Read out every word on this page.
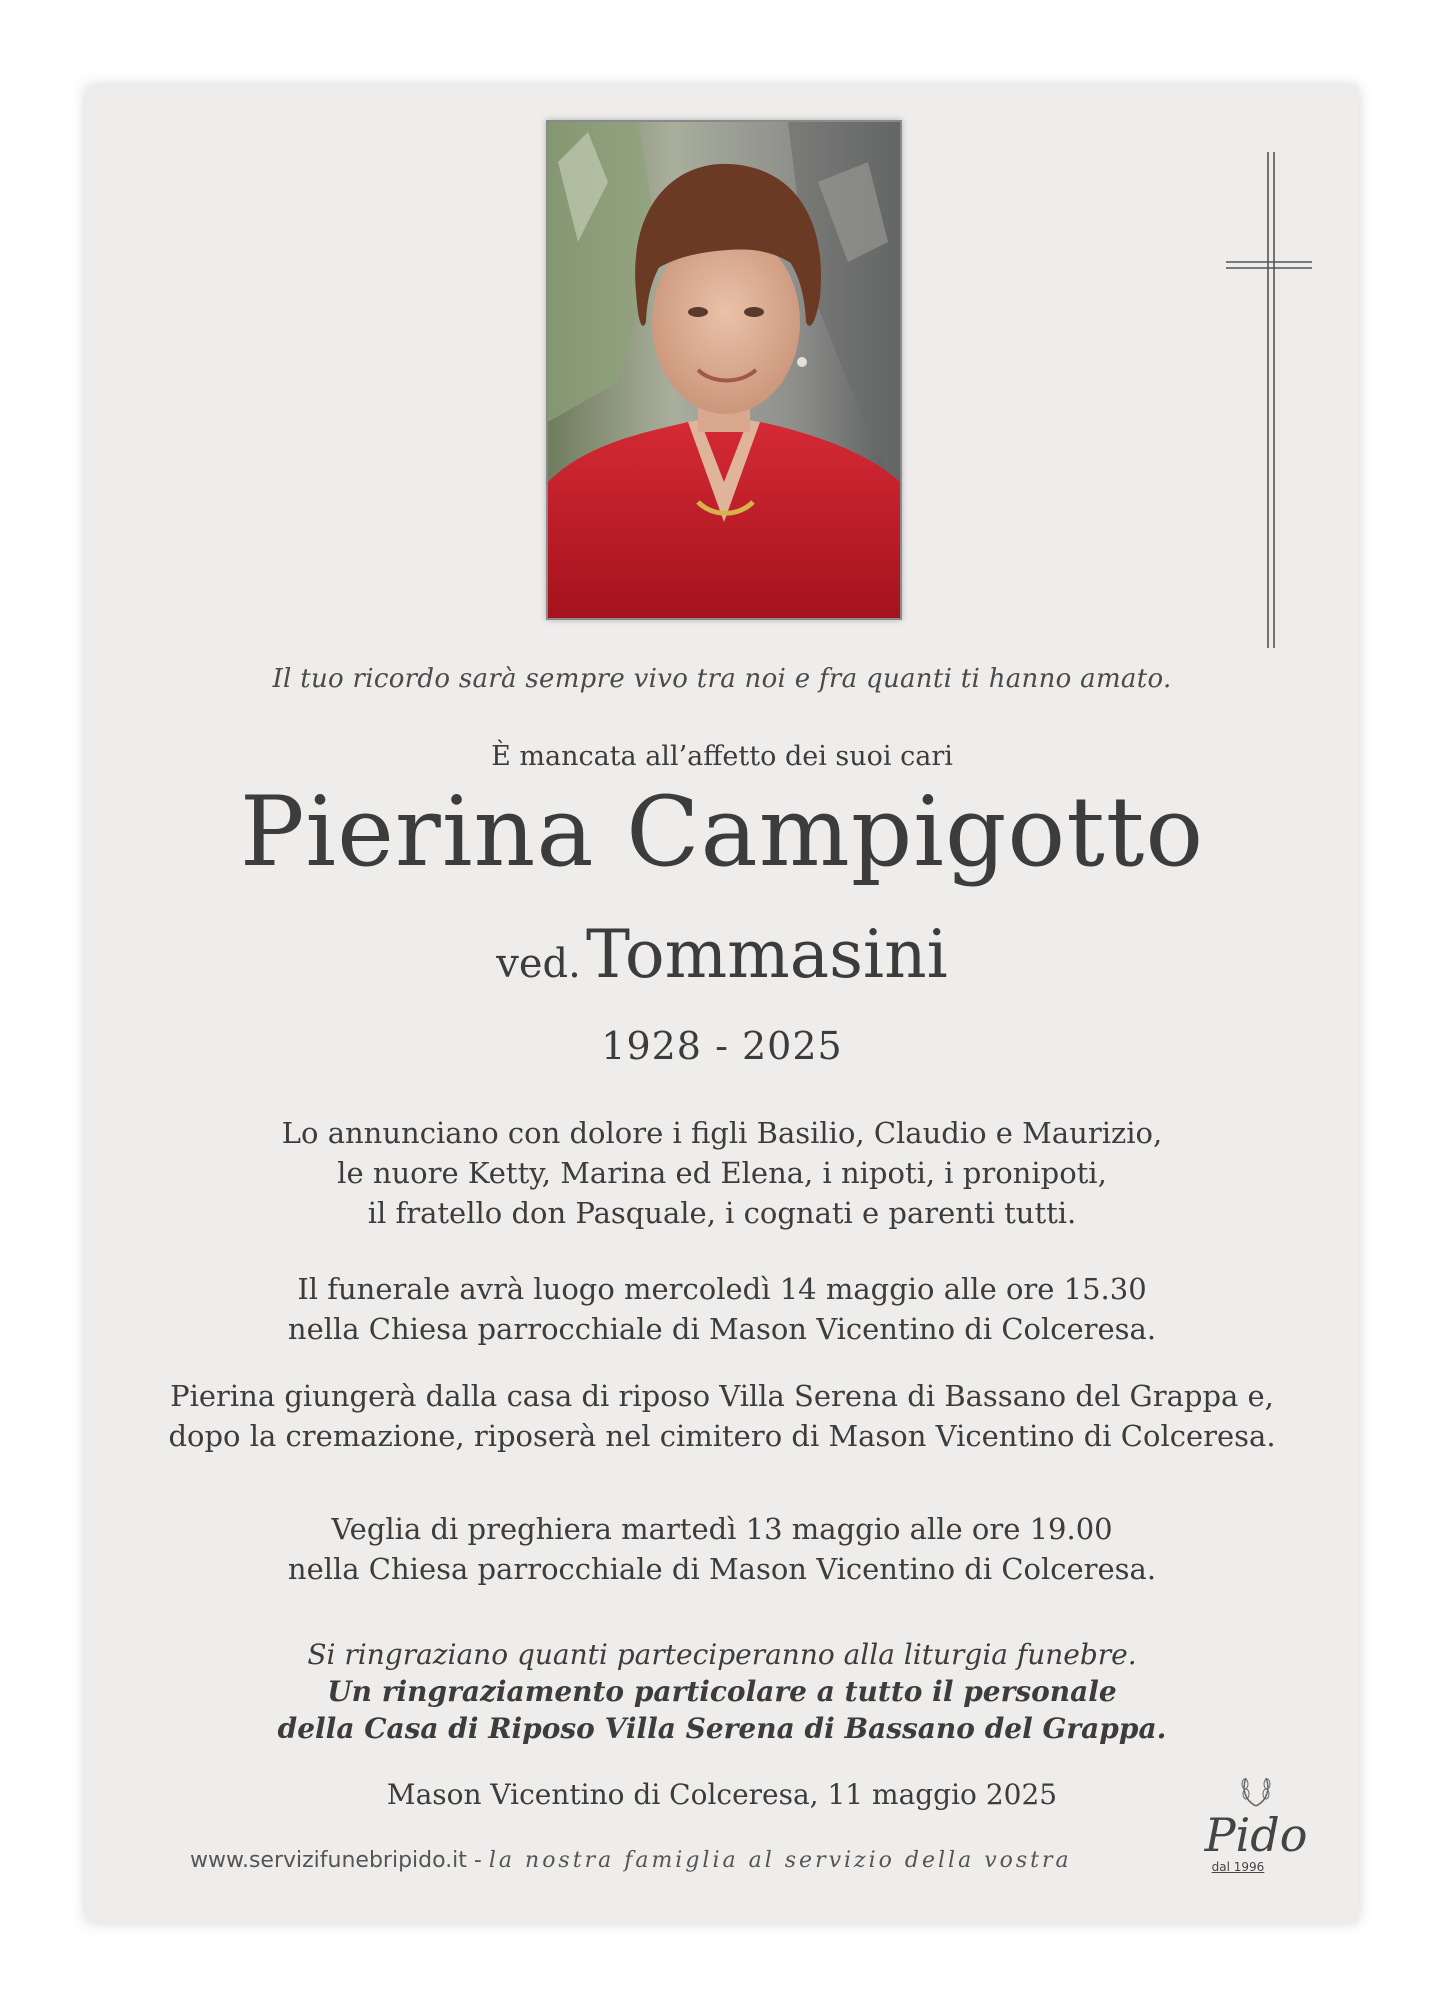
Il tuo ricordo sarà sempre vivo tra noi e fra quanti ti hanno amato.
È mancata all’affetto dei suoi cari
Pierina Campigotto
ved. Tommasini
1928 - 2025
Lo annunciano con dolore i figli Basilio, Claudio e Maurizio,
le nuore Ketty, Marina ed Elena, i nipoti, i pronipoti,
il fratello don Pasquale, i cognati e parenti tutti.
Il funerale avrà luogo mercoledì 14 maggio alle ore 15.30
nella Chiesa parrocchiale di Mason Vicentino di Colceresa.
Pierina giungerà dalla casa di riposo Villa Serena di Bassano del Grappa e,
dopo la cremazione, riposerà nel cimitero di Mason Vicentino di Colceresa.
Veglia di preghiera martedì 13 maggio alle ore 19.00
nella Chiesa parrocchiale di Mason Vicentino di Colceresa.
Si ringraziano quanti parteciperanno alla liturgia funebre.
Un ringraziamento particolare a tutto il personale
della Casa di Riposo Villa Serena di Bassano del Grappa.
Mason Vicentino di Colceresa, 11 maggio 2025
www.servizifunebripido.it - la nostra famiglia al servizio della vostra	Pido
dal 1996
